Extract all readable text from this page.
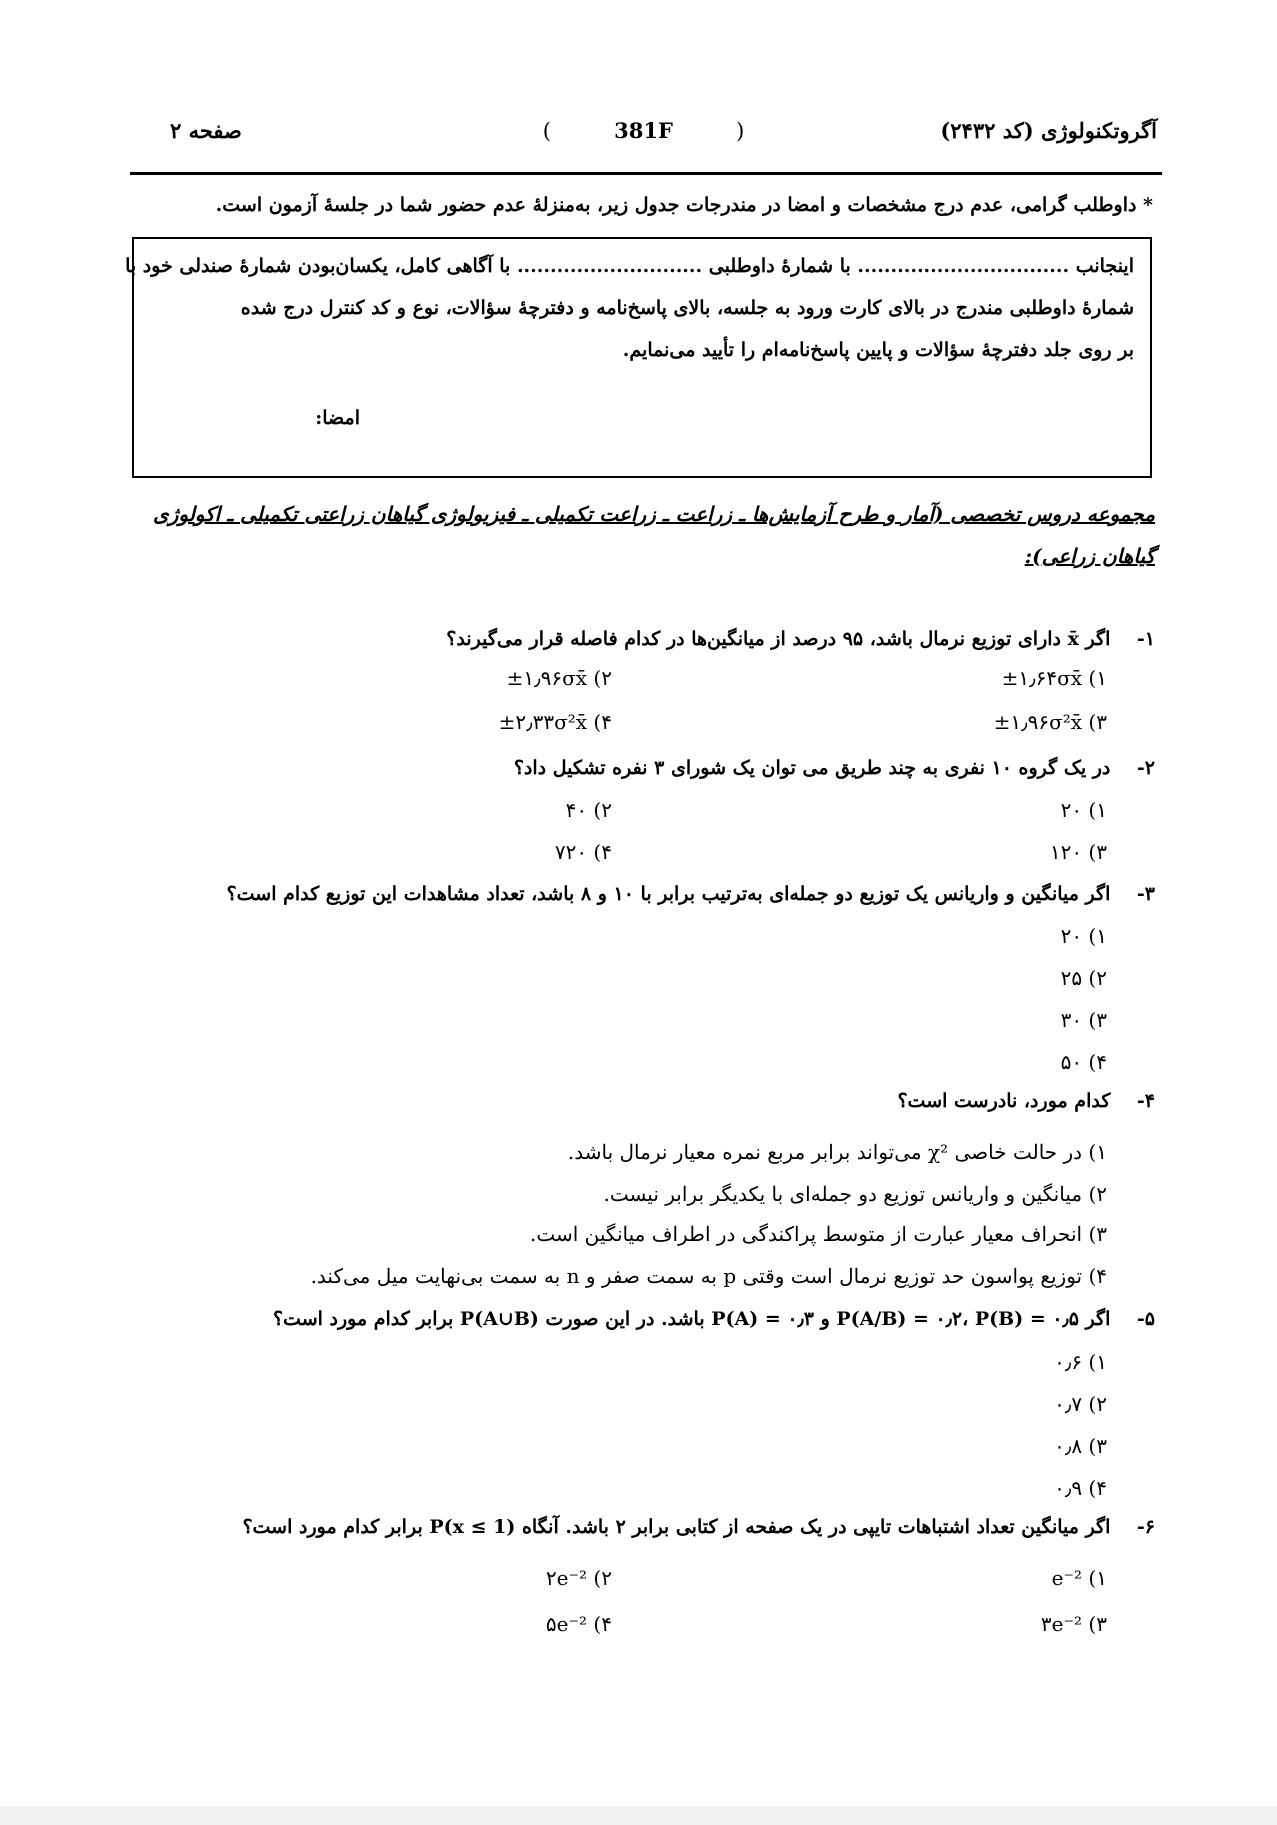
آگروتکنولوژی (کد ۲۴۳۲)
(	381F	)
صفحه ۲
* داوطلب گرامی، عدم درج مشخصات و امضا در مندرجات جدول زیر، به‌منزلهٔ عدم حضور شما در جلسهٔ آزمون است.

اینجانب ................................ با شمارهٔ داوطلبی ............................ با آگاهی کامل، یکسان‌بودن شمارهٔ صندلی خود با

شمارهٔ داوطلبی مندرج در بالای کارت ورود به جلسه، بالای پاسخ‌نامه و دفترچهٔ سؤالات، نوع و کد کنترل درج شده

بر روی جلد دفترچهٔ سؤالات و پایین پاسخ‌نامه‌ام را تأیید می‌نمایم.

امضا:

مجموعه دروس تخصصی (آمار و طرح آزمایش‌ها ـ زراعت ـ زراعت تکمیلی ـ فیزیولوژی گیاهان زراعتی تکمیلی ـ اکولوژی
گیاهان زراعی):
۱- اگر x̄ دارای توزیع نرمال باشد، ۹۵ درصد از میانگین‌ها در کدام فاصله قرار می‌گیرند؟
۱) ±۱٫۶۴σx̄
۲) ±۱٫۹۶σx̄
۳) ±۱٫۹۶σ²x̄
۴) ±۲٫۳۳σ²x̄
۲- در یک گروه ۱۰ نفری به چند طریق می توان یک شورای ۳ نفره تشکیل داد؟
۱) ۲۰
۲) ۴۰
۳) ۱۲۰
۴) ۷۲۰
۳- اگر میانگین و واریانس یک توزیع دو جمله‌ای به‌ترتیب برابر با ۱۰ و ۸ باشد، تعداد مشاهدات این توزیع کدام است؟
۱) ۲۰
۲) ۲۵
۳) ۳۰
۴) ۵۰
۴- کدام مورد، نادرست است؟
۱) در حالت خاصی χ² می‌تواند برابر مربع نمره معیار نرمال باشد.
۲) میانگین و واریانس توزیع دو جمله‌ای با یکدیگر برابر نیست.
۳) انحراف معیار عبارت از متوسط پراکندگی در اطراف میانگین است.
۴) توزیع پواسون حد توزیع نرمال است وقتی p به سمت صفر و n به سمت بی‌نهایت میل می‌کند.
۵- اگر P(A/B) = ۰٫۲، P(B) = ۰٫۵ و P(A) = ۰٫۳ باشد. در این صورت P(A∪B) برابر کدام مورد است؟
۱) ۰٫۶
۲) ۰٫۷
۳) ۰٫۸
۴) ۰٫۹
۶- اگر میانگین تعداد اشتباهات تایپی در یک صفحه از کتابی برابر ۲ باشد. آنگاه P(x ≤ 1) برابر کدام مورد است؟
۱) e⁻²
۲) ۲e⁻²
۳) ۳e⁻²
۴) ۵e⁻²
